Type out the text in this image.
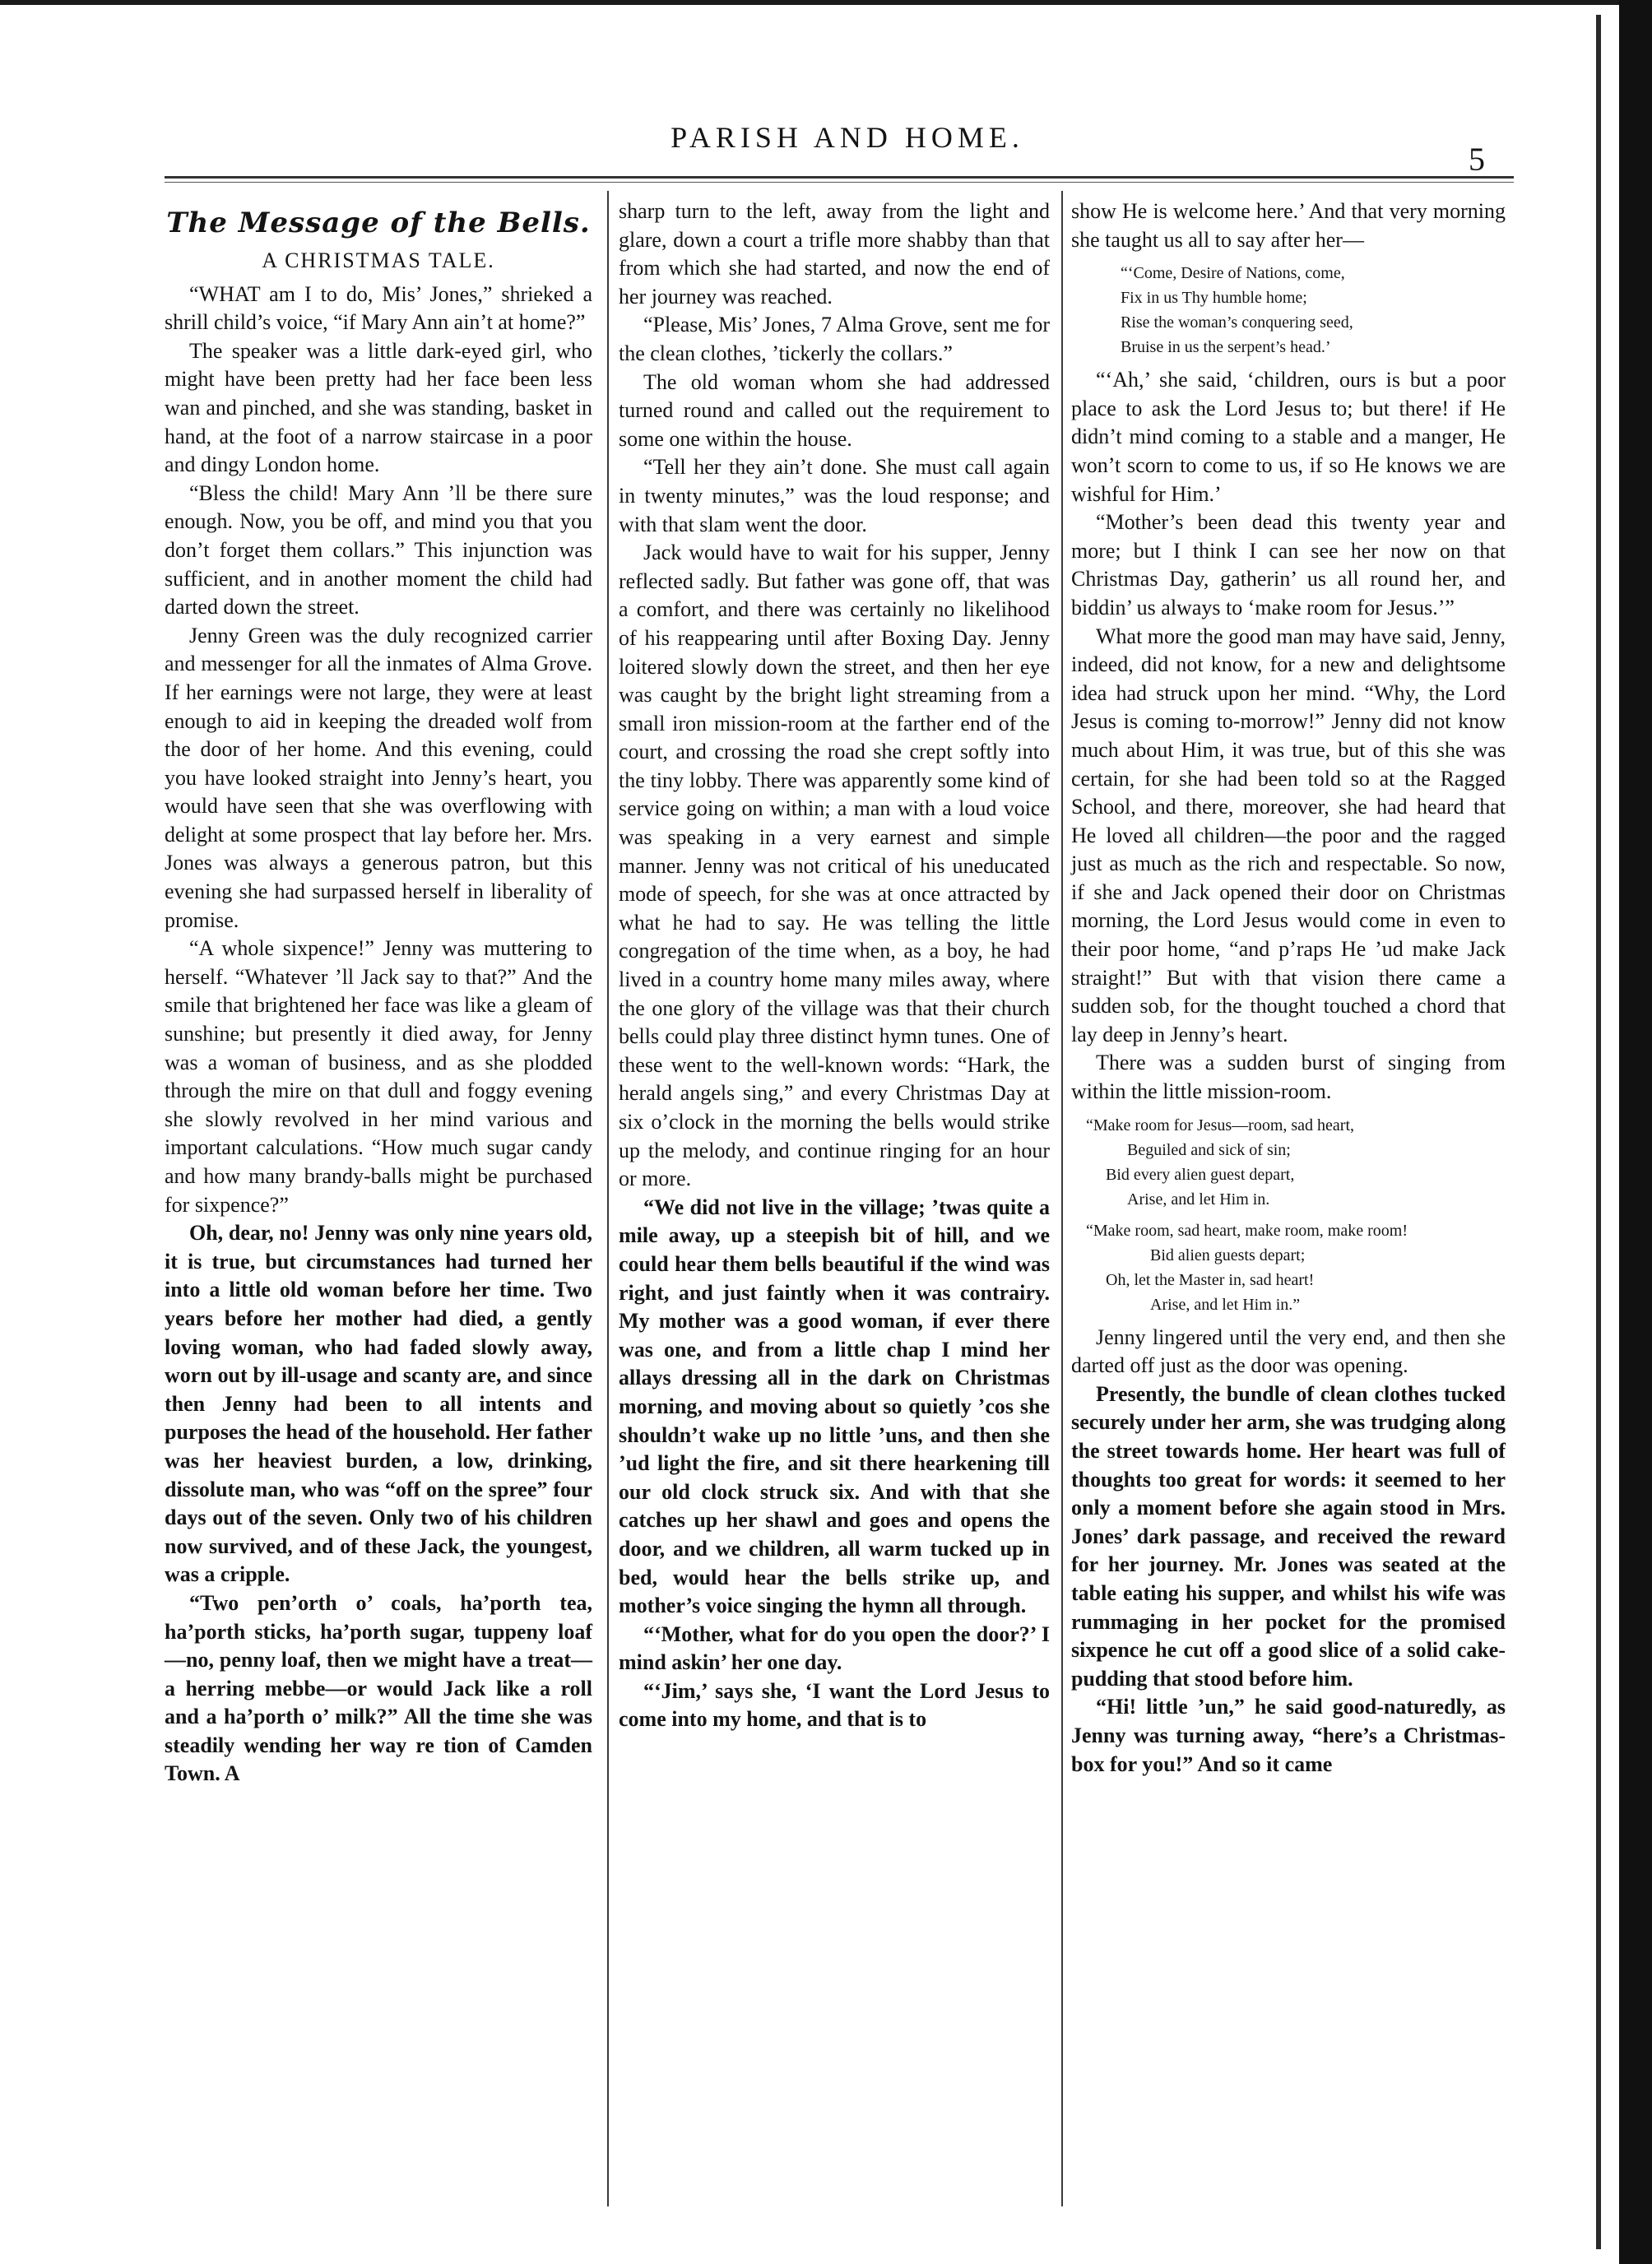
PARISH AND HOME.
5
The Message of the Bells.
A CHRISTMAS TALE.

“WHAT am I to do, Mis’ Jones,” shrieked a shrill child’s voice, “if Mary Ann ain’t at home?”

The speaker was a little dark-eyed girl, who might have been pretty had her face been less wan and pinched, and she was standing, basket in hand, at the foot of a narrow staircase in a poor and dingy London home.

“Bless the child! Mary Ann ’ll be there sure enough. Now, you be off, and mind you that you don’t forget them collars.” This injunction was sufficient, and in another moment the child had darted down the street.

Jenny Green was the duly recognized carrier and messenger for all the inmates of Alma Grove. If her earnings were not large, they were at least enough to aid in keeping the dreaded wolf from the door of her home. And this evening, could you have looked straight into Jenny’s heart, you would have seen that she was overflowing with delight at some prospect that lay before her. Mrs. Jones was always a generous patron, but this evening she had surpassed herself in liberality of promise.

“A whole sixpence!” Jenny was muttering to herself. “Whatever ’ll Jack say to that?” And the smile that brightened her face was like a gleam of sunshine; but presently it died away, for Jenny was a woman of business, and as she plodded through the mire on that dull and foggy evening she slowly revolved in her mind various and important calculations. “How much sugar candy and how many brandy-balls might be purchased for sixpence?”

Oh, dear, no! Jenny was only nine years old, it is true, but circumstances had turned her into a little old woman before her time. Two years before her mother had died, a gently loving woman, who had faded slowly away, worn out by ill-usage and scanty are, and since then Jenny had been to all intents and purposes the head of the household. Her father was her heaviest burden, a low, drinking, dissolute man, who was “off on the spree” four days out of the seven. Only two of his children now survived, and of these Jack, the youngest, was a cripple.

“Two pen’orth o’ coals, ha’porth tea, ha’porth sticks, ha’porth sugar, tuppeny loaf—no, penny loaf, then we might have a treat—a herring mebbe—or would Jack like a roll and a ha’porth o’ milk?” All the time she was steadily wending her way re tion of Camden Town. A

sharp turn to the left, away from the light and glare, down a court a trifle more shabby than that from which she had started, and now the end of her journey was reached.

“Please, Mis’ Jones, 7 Alma Grove, sent me for the clean clothes, ’tickerly the collars.”

The old woman whom she had addressed turned round and called out the requirement to some one within the house.

“Tell her they ain’t done. She must call again in twenty minutes,” was the loud response; and with that slam went the door.

Jack would have to wait for his supper, Jenny reflected sadly. But father was gone off, that was a comfort, and there was certainly no likelihood of his reappearing until after Boxing Day. Jenny loitered slowly down the street, and then her eye was caught by the bright light streaming from a small iron mission-room at the farther end of the court, and crossing the road she crept softly into the tiny lobby. There was apparently some kind of service going on within; a man with a loud voice was speaking in a very earnest and simple manner. Jenny was not critical of his uneducated mode of speech, for she was at once attracted by what he had to say. He was telling the little congregation of the time when, as a boy, he had lived in a country home many miles away, where the one glory of the village was that their church bells could play three distinct hymn tunes. One of these went to the well-known words: “Hark, the herald angels sing,” and every Christmas Day at six o’clock in the morning the bells would strike up the melody, and continue ringing for an hour or more.

“We did not live in the village; ’twas quite a mile away, up a steepish bit of hill, and we could hear them bells beautiful if the wind was right, and just faintly when it was contrairy. My mother was a good woman, if ever there was one, and from a little chap I mind her allays dressing all in the dark on Christmas morning, and moving about so quietly ’cos she shouldn’t wake up no little ’uns, and then she ’ud light the fire, and sit there hearkening till our old clock struck six. And with that she catches up her shawl and goes and opens the door, and we children, all warm tucked up in bed, would hear the bells strike up, and mother’s voice singing the hymn all through.

“‘Mother, what for do you open the door?’ I mind askin’ her one day.

“‘Jim,’ says she, ‘I want the Lord Jesus to come into my home, and that is to

show He is welcome here.’ And that very morning she taught us all to say after her—

“‘Come, Desire of Nations, come,
Fix in us Thy humble home;
Rise the woman’s conquering seed,
Bruise in us the serpent’s head.’

“‘Ah,’ she said, ‘children, ours is but a poor place to ask the Lord Jesus to; but there! if He didn’t mind coming to a stable and a manger, He won’t scorn to come to us, if so He knows we are wishful for Him.’

“Mother’s been dead this twenty year and more; but I think I can see her now on that Christmas Day, gatherin’ us all round her, and biddin’ us always to ‘make room for Jesus.’”

What more the good man may have said, Jenny, indeed, did not know, for a new and delightsome idea had struck upon her mind. “Why, the Lord Jesus is coming to-morrow!” Jenny did not know much about Him, it was true, but of this she was certain, for she had been told so at the Ragged School, and there, moreover, she had heard that He loved all children—the poor and the ragged just as much as the rich and respectable. So now, if she and Jack opened their door on Christmas morning, the Lord Jesus would come in even to their poor home, “and p’raps He ’ud make Jack straight!” But with that vision there came a sudden sob, for the thought touched a chord that lay deep in Jenny’s heart.

There was a sudden burst of singing from within the little mission-room.

“Make room for Jesus—room, sad heart,
Beguiled and sick of sin;
Bid every alien guest depart,
Arise, and let Him in.
“Make room, sad heart, make room, make room!
Bid alien guests depart;
Oh, let the Master in, sad heart!
Arise, and let Him in.”

Jenny lingered until the very end, and then she darted off just as the door was opening.

Presently, the bundle of clean clothes tucked securely under her arm, she was trudging along the street towards home. Her heart was full of thoughts too great for words: it seemed to her only a moment before she again stood in Mrs. Jones’ dark passage, and received the reward for her journey. Mr. Jones was seated at the table eating his supper, and whilst his wife was rummaging in her pocket for the promised sixpence he cut off a good slice of a solid cake-pudding that stood before him.

“Hi! little ’un,” he said good-naturedly, as Jenny was turning away, “here’s a Christmas-box for you!” And so it came
